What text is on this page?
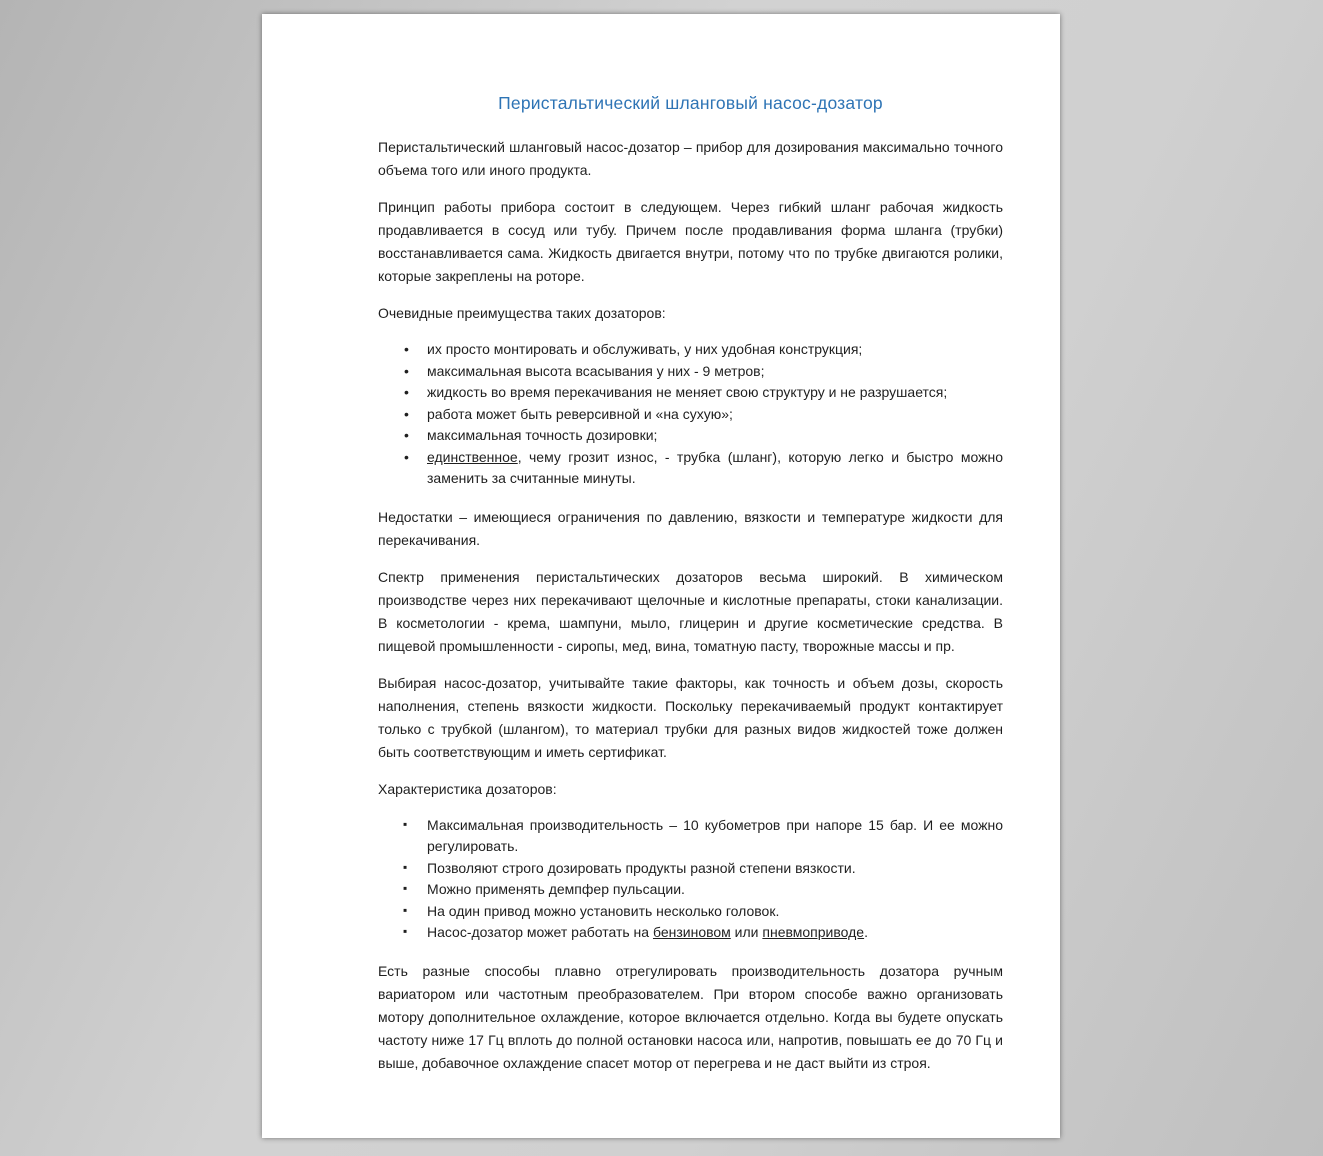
Перистальтический шланговый насос-дозатор

Перистальтический шланговый насос-дозатор – прибор для дозирования максимально точного объема того или иного продукта.

Принцип работы прибора состоит в следующем. Через гибкий шланг рабочая жидкость продавливается в сосуд или тубу. Причем после продавливания форма шланга (трубки) восстанавливается сама. Жидкость двигается внутри, потому что по трубке двигаются ролики, которые закреплены на роторе.

Очевидные преимущества таких дозаторов:

• их просто монтировать и обслуживать, у них удобная конструкция;
• максимальная высота всасывания у них - 9 метров;
• жидкость во время перекачивания не меняет свою структуру и не разрушается;
• работа может быть реверсивной и «на сухую»;
• максимальная точность дозировки;
• единственное, чему грозит износ, - трубка (шланг), которую легко и быстро можно заменить за считанные минуты.

Недостатки – имеющиеся ограничения по давлению, вязкости и температуре жидкости для перекачивания.

Спектр применения перистальтических дозаторов весьма широкий. В химическом производстве через них перекачивают щелочные и кислотные препараты, стоки канализации. В косметологии - крема, шампуни, мыло, глицерин и другие косметические средства. В пищевой промышленности - сиропы, мед, вина, томатную пасту, творожные массы и пр.

Выбирая насос-дозатор, учитывайте такие факторы, как точность и объем дозы, скорость наполнения, степень вязкости жидкости. Поскольку перекачиваемый продукт контактирует только с трубкой (шлангом), то материал трубки для разных видов жидкостей тоже должен быть соответствующим и иметь сертификат.

Характеристика дозаторов:

▪ Максимальная производительность – 10 кубометров при напоре 15 бар. И ее можно регулировать.
▪ Позволяют строго дозировать продукты разной степени вязкости.
▪ Можно применять демпфер пульсации.
▪ На один привод можно установить несколько головок.
▪ Насос-дозатор может работать на бензиновом или пневмоприводе.

Есть разные способы плавно отрегулировать производительность дозатора ручным вариатором или частотным преобразователем. При втором способе важно организовать мотору дополнительное охлаждение, которое включается отдельно. Когда вы будете опускать частоту ниже 17 Гц вплоть до полной остановки насоса или, напротив, повышать ее до 70 Гц и выше, добавочное охлаждение спасет мотор от перегрева и не даст выйти из строя.
